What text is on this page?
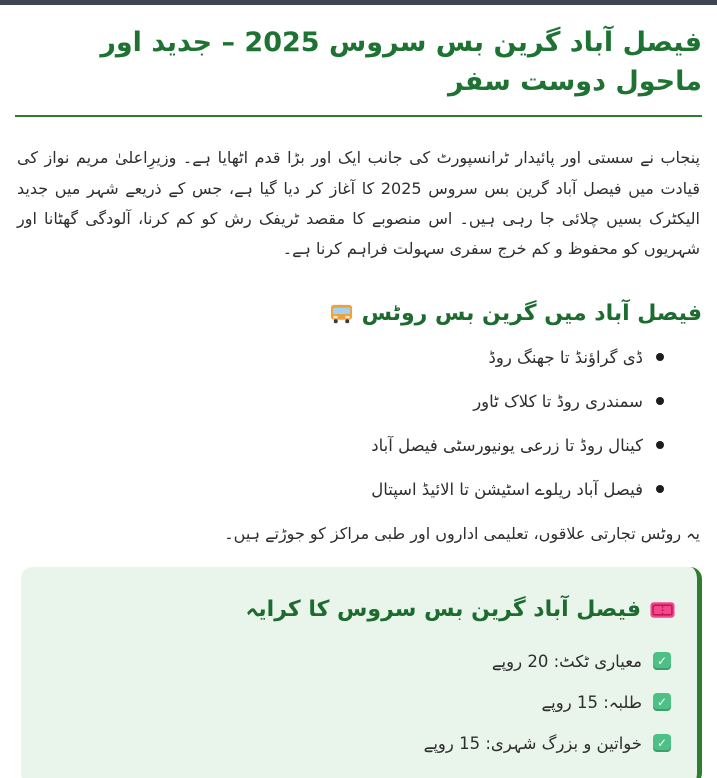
فیصل آباد گرین بس سروس 2025 – جدید اور ماحول دوست سفر

پنجاب نے سستی اور پائیدار ٹرانسپورٹ کی جانب ایک اور بڑا قدم اٹھایا ہے۔ وزیرِاعلیٰ مریم نواز کی قیادت میں فیصل آباد گرین بس سروس 2025 کا آغاز کر دیا گیا ہے، جس کے ذریعے شہر میں جدید الیکٹرک بسیں چلائی جا رہی ہیں۔ اس منصوبے کا مقصد ٹریفک رش کو کم کرنا، آلودگی گھٹانا اور شہریوں کو محفوظ و کم خرج سفری سہولت فراہم کرنا ہے۔

فیصل آباد میں گرین بس روٹس
ڈی گراؤنڈ تا جھنگ روڈ
سمندری روڈ تا کلاک ٹاور
کینال روڈ تا زرعی یونیورسٹی فیصل آباد
فیصل آباد ریلوے اسٹیشن تا الائیڈ اسپتال

یہ روٹس تجارتی علاقوں، تعلیمی اداروں اور طبی مراکز کو جوڑتے ہیں۔

فیصل آباد گرین بس سروس کا کرایہ
✓
معیاری ٹکٹ: 20 روپے
✓
طلبہ: 15 روپے
✓
خواتین و بزرگ شہری: 15 روپے
